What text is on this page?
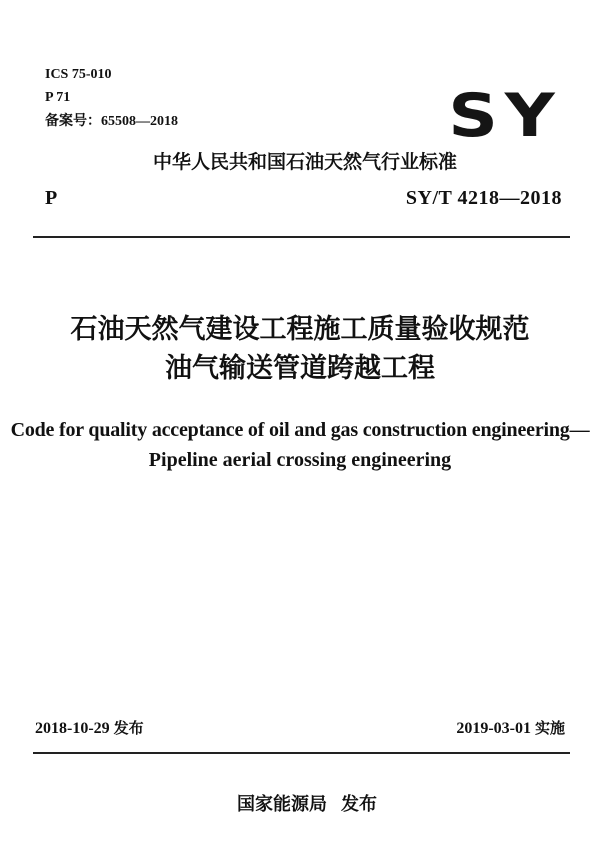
ICS 75-010
P 71
备案号：65508—2018	SY
中华人民共和国石油天然气行业标准
P	SY/T 4218—2018
石油天然气建设工程施工质量验收规范
油气输送管道跨越工程
Code for quality acceptance of oil and gas construction engineering—
Pipeline aerial crossing engineering
2018-10-29 发布	2019-03-01 实施
国家能源局 发布
